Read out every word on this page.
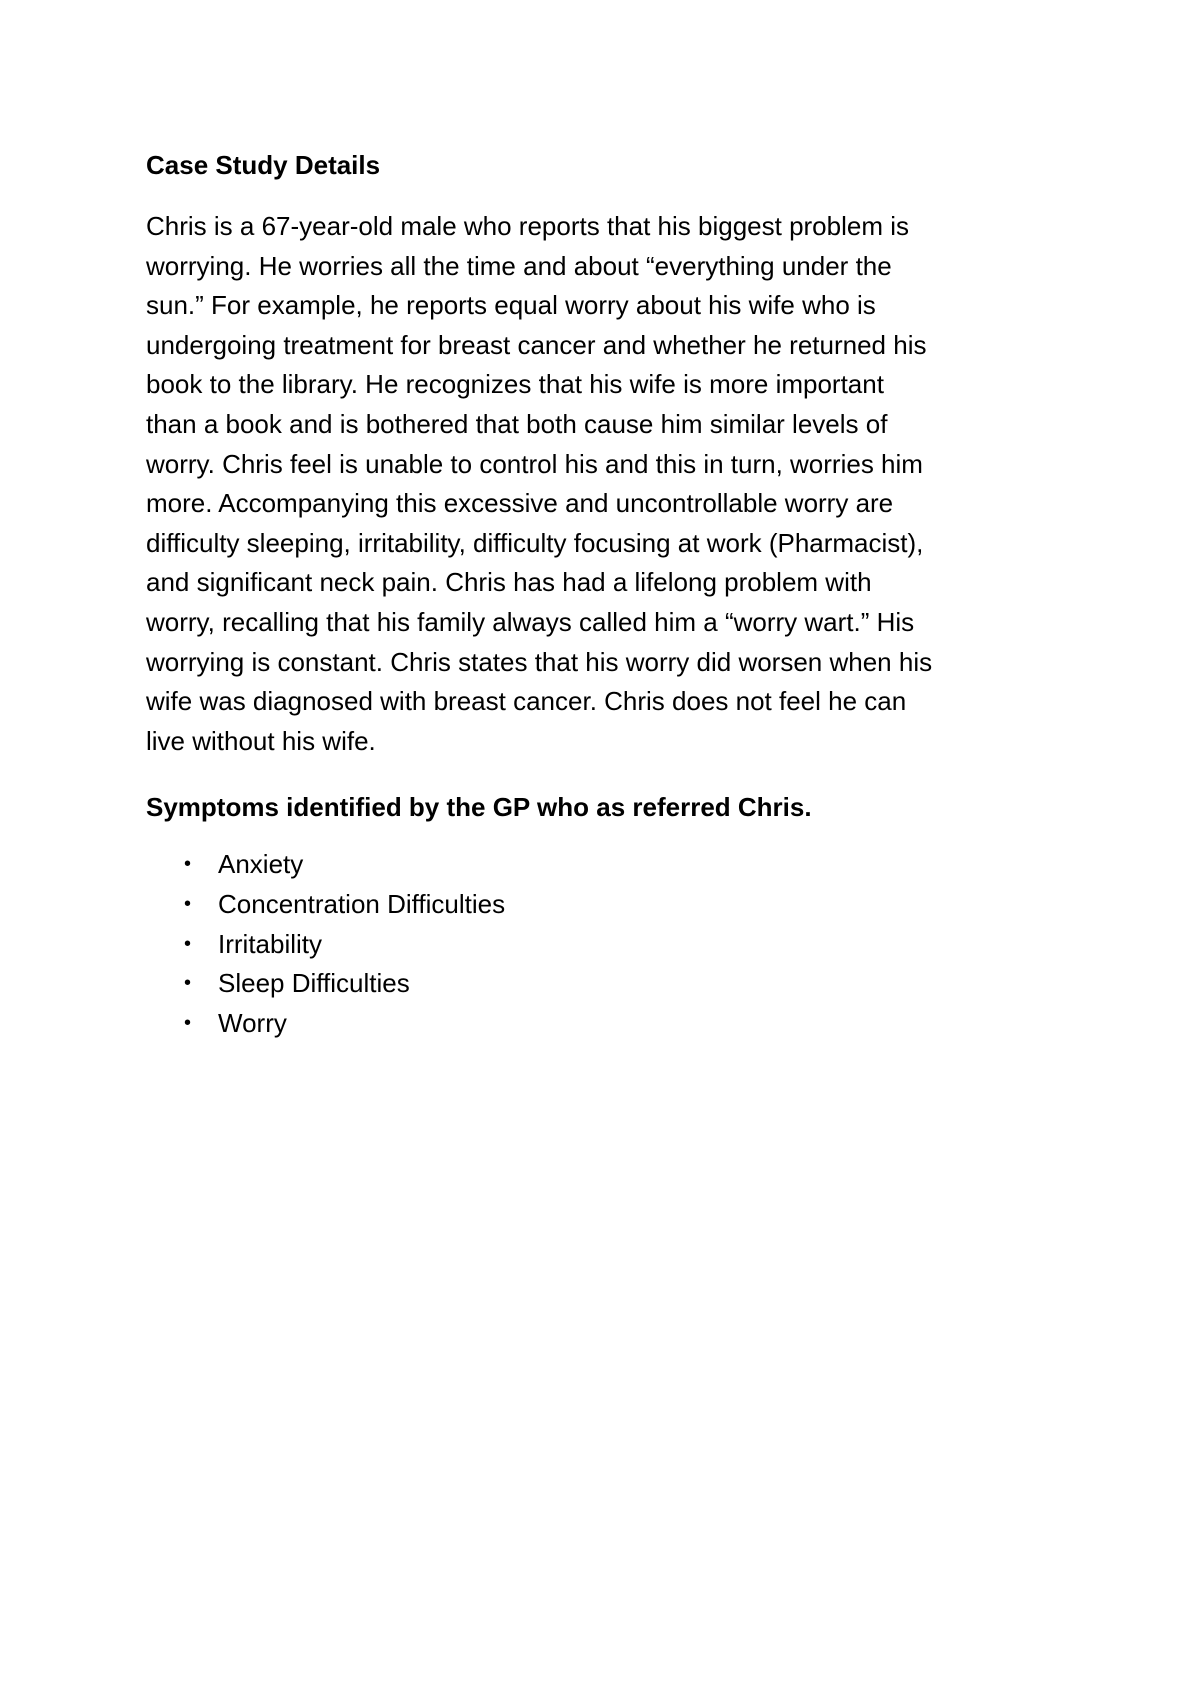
Case Study Details

Chris is a 67-year-old male who reports that his biggest problem is
worrying. He worries all the time and about “everything under the
sun.” For example, he reports equal worry about his wife who is
undergoing treatment for breast cancer and whether he returned his
book to the library. He recognizes that his wife is more important
than a book and is bothered that both cause him similar levels of
worry. Chris feel is unable to control his and this in turn, worries him
more. Accompanying this excessive and uncontrollable worry are
difficulty sleeping, irritability, difficulty focusing at work (Pharmacist),
and significant neck pain. Chris has had a lifelong problem with
worry, recalling that his family always called him a “worry wart.” His
worrying is constant. Chris states that his worry did worsen when his
wife was diagnosed with breast cancer. Chris does not feel he can
live without his wife.

Symptoms identified by the GP who as referred Chris.
• Anxiety
• Concentration Difficulties
• Irritability
• Sleep Difficulties
• Worry
